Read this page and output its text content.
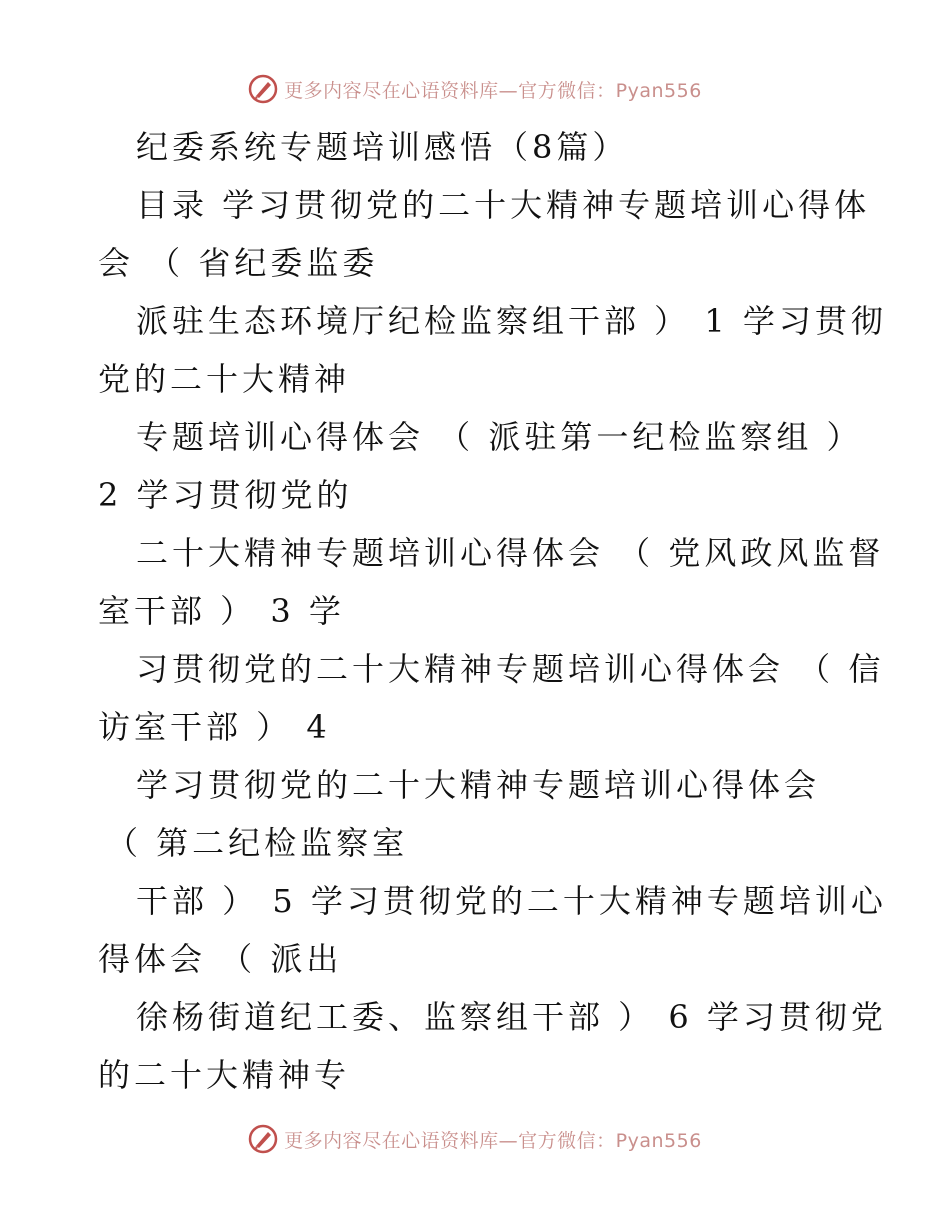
更多内容尽在心语资料库—官方微信：Pyan556
纪委系统专题培训感悟（8篇）
目录 学习贯彻党的二十大精神专题培训心得体
会 （ 省纪委监委
派驻生态环境厅纪检监察组干部 ） 1 学习贯彻
党的二十大精神
专题培训心得体会 （ 派驻第一纪检监察组 ）
2 学习贯彻党的
二十大精神专题培训心得体会 （ 党风政风监督
室干部 ） 3 学
习贯彻党的二十大精神专题培训心得体会 （ 信
访室干部 ） 4
学习贯彻党的二十大精神专题培训心得体会
（ 第二纪检监察室
干部 ） 5 学习贯彻党的二十大精神专题培训心
得体会 （ 派出
徐杨街道纪工委、监察组干部 ） 6 学习贯彻党
的二十大精神专
更多内容尽在心语资料库—官方微信：Pyan556
